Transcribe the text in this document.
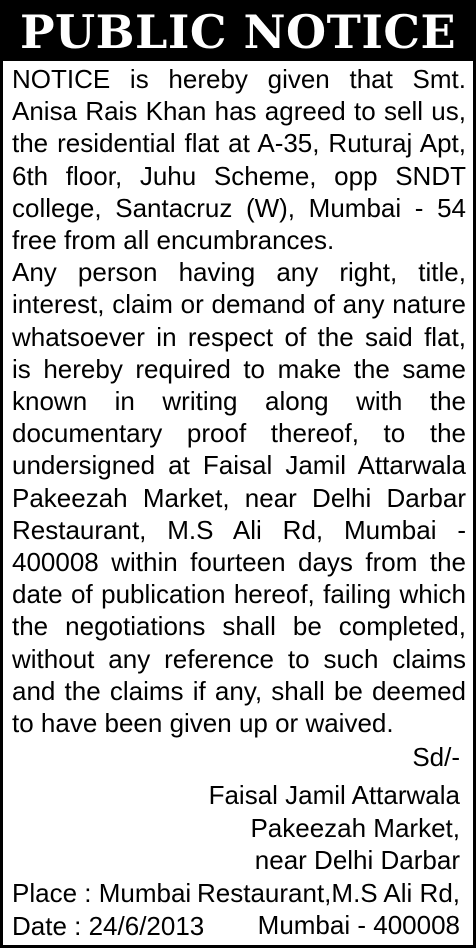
PUBLIC NOTICE

NOTICE is hereby given that Smt. Anisa Rais Khan has agreed to sell us, the residential flat at A-35, Ruturaj Apt, 6th floor, Juhu Scheme, opp SNDT college, Santacruz (W), Mumbai - 54 free from all encumbrances.

Any person having any right, title, interest, claim or demand of any nature whatsoever in respect of the said flat, is hereby required to make the same known in writing along with the documentary proof thereof, to the undersigned at Faisal Jamil Attarwala Pakeezah Market, near Delhi Darbar Restaurant, M.S Ali Rd, Mumbai - 400008 within fourteen days from the date of publication hereof, failing which the negotiations shall be completed, without any reference to such claims and the claims if any, shall be deemed to have been given up or waived.

Sd/-
Faisal Jamil Attarwala
Pakeezah Market,
near Delhi Darbar
Restaurant,M.S Ali Rd,
Mumbai - 400008
Place : Mumbai
Date : 24/6/2013
